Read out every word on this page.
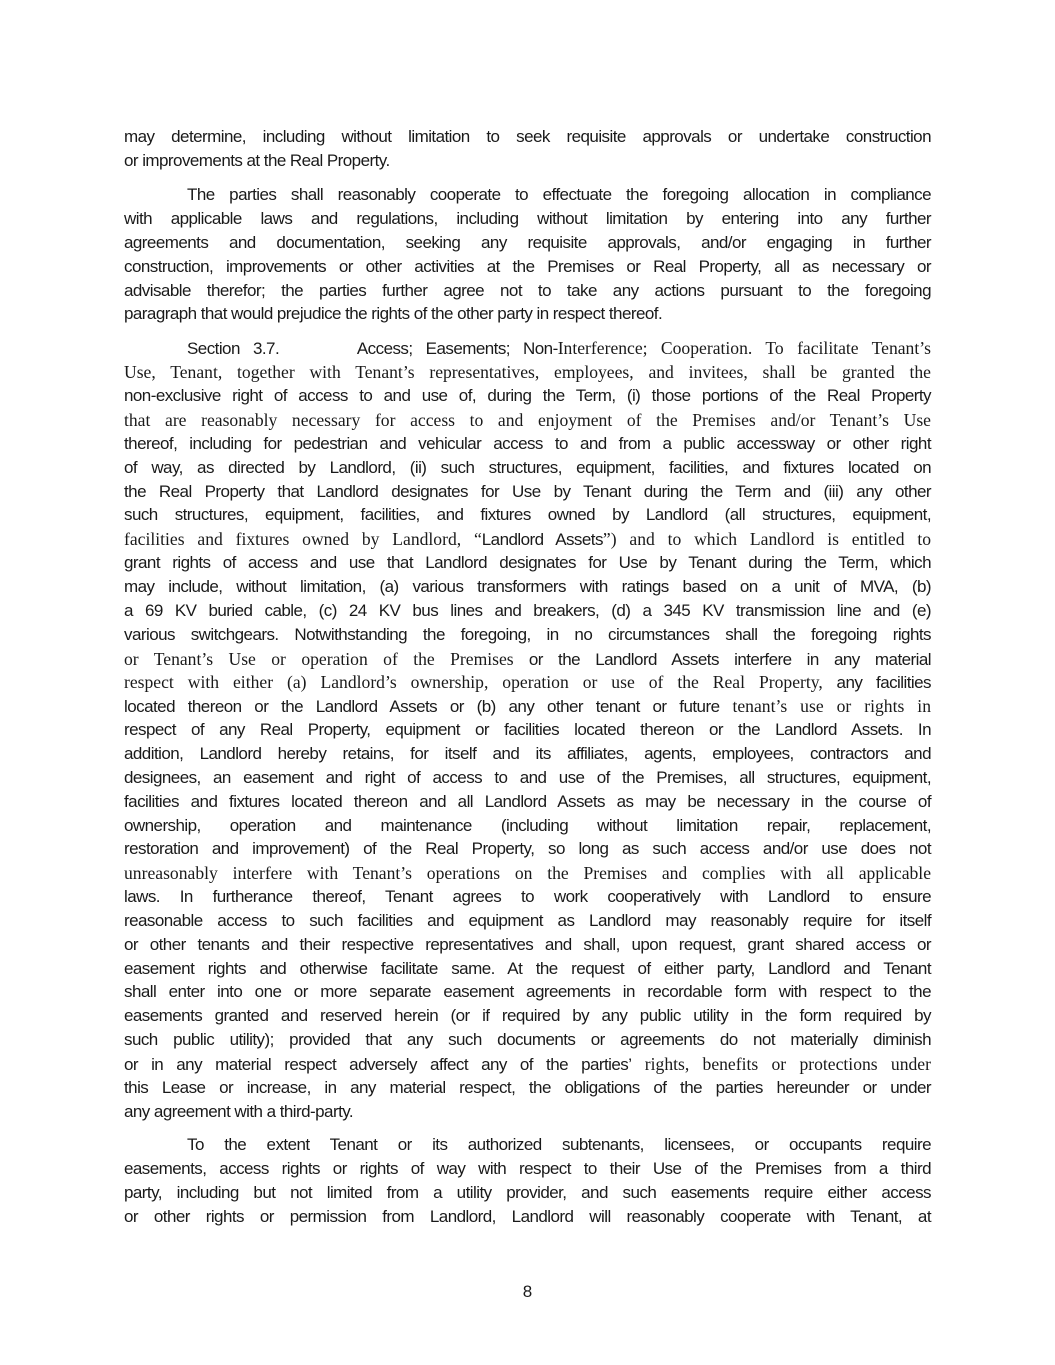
may determine, including without limitation to seek requisite approvals or undertake construction
or improvements at the Real Property.
The parties shall reasonably cooperate to effectuate the foregoing allocation in compliance
with applicable laws and regulations, including without limitation by entering into any further
agreements and documentation, seeking any requisite approvals, and/or engaging in further
construction, improvements or other activities at the Premises or Real Property, all as necessary or
advisable therefor; the parties further agree not to take any actions pursuant to the foregoing
paragraph that would prejudice the rights of the other party in respect thereof.
Section 3.7.	Access; Easements; Non-Interference; Cooperation. To facilitate Tenant’s
Use, Tenant, together with Tenant’s representatives, employees, and invitees, shall be granted the
non-exclusive right of access to and use of, during the Term, (i) those portions of the Real Property
that are reasonably necessary for access to and enjoyment of the Premises and/or Tenant’s Use
thereof, including for pedestrian and vehicular access to and from a public accessway or other right
of way, as directed by Landlord, (ii) such structures, equipment, facilities, and fixtures located on
the Real Property that Landlord designates for Use by Tenant during the Term and (iii) any other
such structures, equipment, facilities, and fixtures owned by Landlord (all structures, equipment,
facilities and fixtures owned by Landlord, “Landlord Assets”) and to which Landlord is entitled to
grant rights of access and use that Landlord designates for Use by Tenant during the Term, which
may include, without limitation, (a) various transformers with ratings based on a unit of MVA, (b)
a 69 KV buried cable, (c) 24 KV bus lines and breakers, (d) a 345 KV transmission line and (e)
various switchgears. Notwithstanding the foregoing, in no circumstances shall the foregoing rights
or Tenant’s Use or operation of the Premises or the Landlord Assets interfere in any material
respect with either (a) Landlord’s ownership, operation or use of the Real Property, any facilities
located thereon or the Landlord Assets or (b) any other tenant or future tenant’s use or rights in
respect of any Real Property, equipment or facilities located thereon or the Landlord Assets. In
addition, Landlord hereby retains, for itself and its affiliates, agents, employees, contractors and
designees, an easement and right of access to and use of the Premises, all structures, equipment,
facilities and fixtures located thereon and all Landlord Assets as may be necessary in the course of
ownership, operation and maintenance (including without limitation repair, replacement,
restoration and improvement) of the Real Property, so long as such access and/or use does not
unreasonably interfere with Tenant’s operations on the Premises and complies with all applicable
laws. In furtherance thereof, Tenant agrees to work cooperatively with Landlord to ensure
reasonable access to such facilities and equipment as Landlord may reasonably require for itself
or other tenants and their respective representatives and shall, upon request, grant shared access or
easement rights and otherwise facilitate same. At the request of either party, Landlord and Tenant
shall enter into one or more separate easement agreements in recordable form with respect to the
easements granted and reserved herein (or if required by any public utility in the form required by
such public utility); provided that any such documents or agreements do not materially diminish
or in any material respect adversely affect any of the parties’ rights, benefits or protections under
this Lease or increase, in any material respect, the obligations of the parties hereunder or under
any agreement with a third-party.
To the extent Tenant or its authorized subtenants, licensees, or occupants require
easements, access rights or rights of way with respect to their Use of the Premises from a third
party, including but not limited from a utility provider, and such easements require either access
or other rights or permission from Landlord, Landlord will reasonably cooperate with Tenant, at
8
